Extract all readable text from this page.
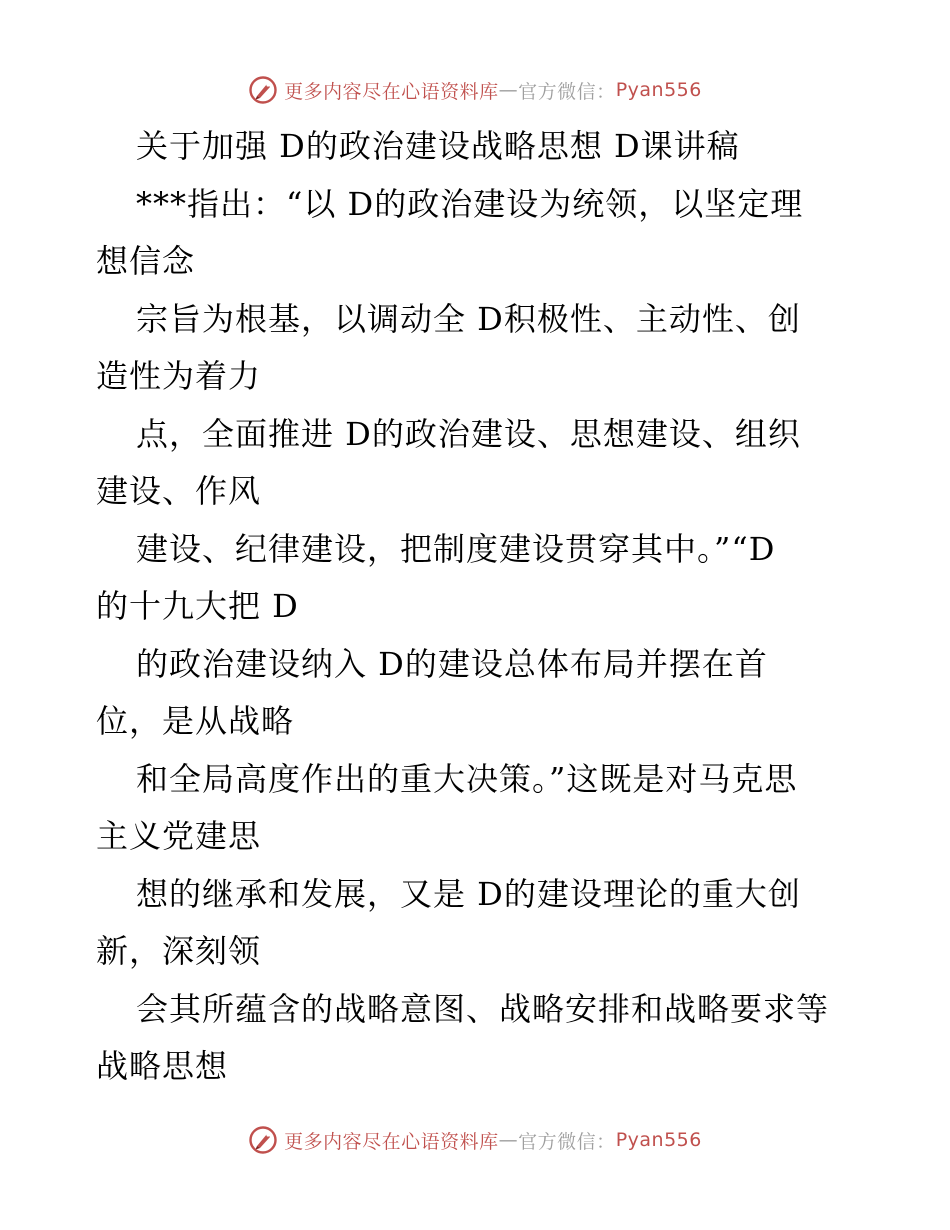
更多内容尽在心语资料库 — 官方微信： Pyan556
关于加强 D的政治建设战略思想 D课讲稿
***指出：“以 D的政治建设为统领，以坚定理
想信念
宗旨为根基，以调动全 D积极性、主动性、创
造性为着力
点，全面推进 D的政治建设、思想建设、组织
建设、作风
建设、纪律建设，把制度建设贯穿其中。”“D
的十九大把 D
的政治建设纳入 D的建设总体布局并摆在首
位，是从战略
和全局高度作出的重大决策。”这既是对马克思
主义党建思
想的继承和发展，又是 D的建设理论的重大创
新，深刻领
会其所蕴含的战略意图、战略安排和战略要求等
战略思想
更多内容尽在心语资料库 — 官方微信： Pyan556
